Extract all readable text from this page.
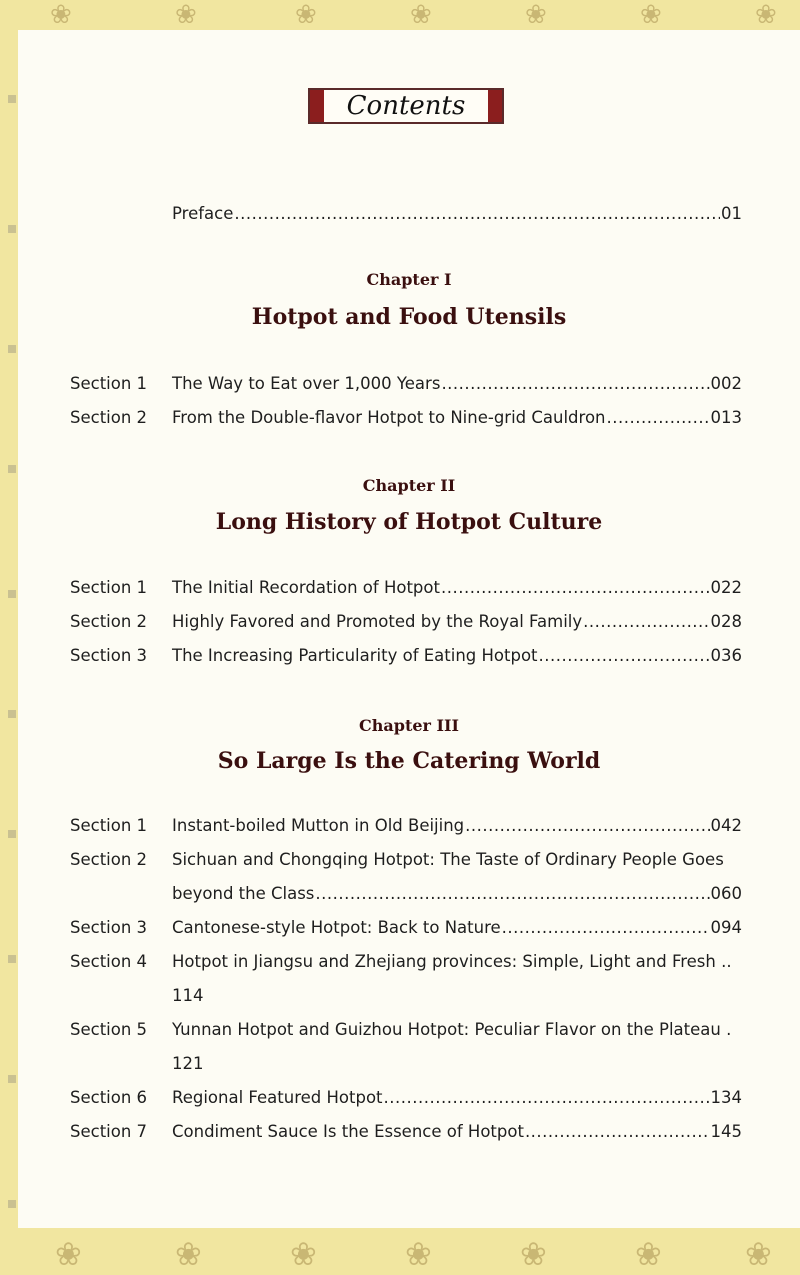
❀	❀	❀	❀	❀	❀	❀
❀	❀	❀	❀	❀	❀	❀
Contents
Preface .....	01
Chapter I
Hotpot and Food Utensils
Section 1 The Way to Eat over 1,000 Years .....	002
Section 2 From the Double-flavor Hotpot to Nine-grid Cauldron .....	013
Chapter II
Long History of Hotpot Culture
Section 1 The Initial Recordation of Hotpot .....	022
Section 2 Highly Favored and Promoted by the Royal Family .....	028
Section 3 The Increasing Particularity of Eating Hotpot .....	036
Chapter III
So Large Is the Catering World
Section 1 Instant-boiled Mutton in Old Beijing .....	042
Section 2 Sichuan and Chongqing Hotpot: The Taste of Ordinary People Goes
beyond the Class .....	060
Section 3 Cantonese-style Hotpot: Back to Nature .....	094
Section 4 Hotpot in Jiangsu and Zhejiang provinces: Simple, Light and Fresh ..
114
Section 5 Yunnan Hotpot and Guizhou Hotpot: Peculiar Flavor on the Plateau .
121
Section 6 Regional Featured Hotpot .....	134
Section 7 Condiment Sauce Is the Essence of Hotpot .....	145
